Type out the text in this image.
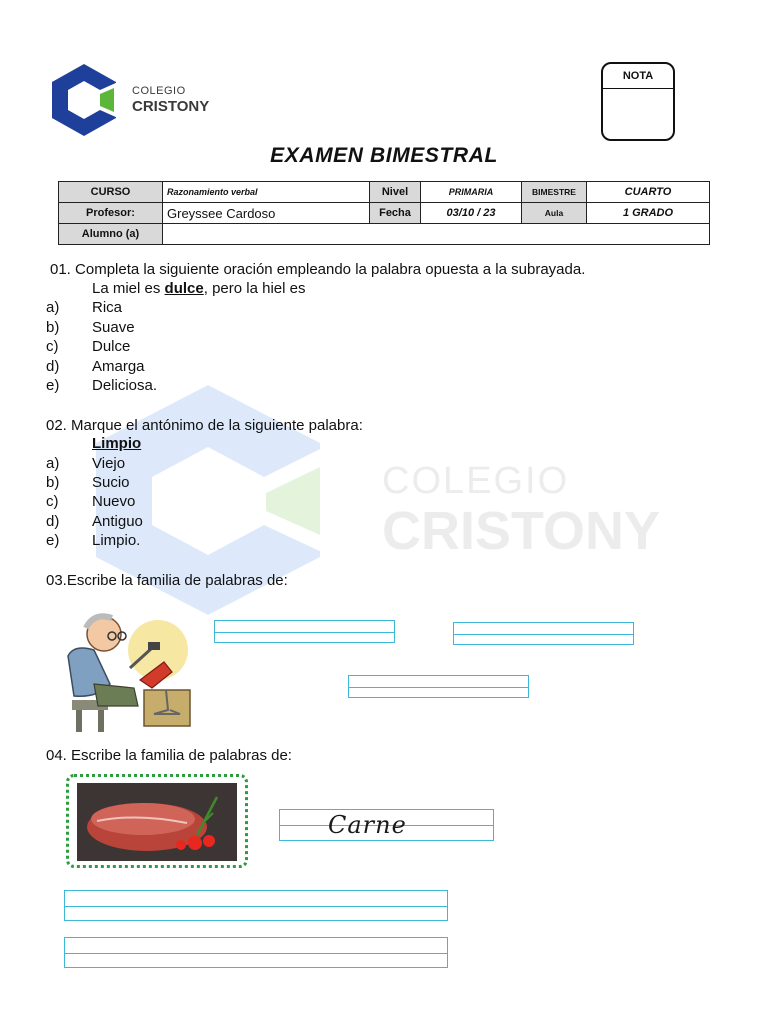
COLEGIO
CRISTONY
COLEGIO
CRISTONY
NOTA
EXAMEN BIMESTRAL
CURSO	Razonamiento verbal	Nivel	PRIMARIA	BIMESTRE	CUARTO
Profesor:	Greyssee Cardoso	Fecha	03/10 / 23	Aula	1 GRADO
Alumno (a)					
01. Completa la siguiente oración empleando la palabra opuesta a la subrayada.
La miel es dulce, pero la hiel es
a) Rica
b) Suave
c) Dulce
d) Amarga
e) Deliciosa.
02. Marque el antónimo de la siguiente palabra:
Limpio
a) Viejo
b) Sucio
c) Nuevo
d) Antiguo
e) Limpio.
03.Escribe la familia de palabras de:
04. Escribe la familia de palabras de:
Carne
